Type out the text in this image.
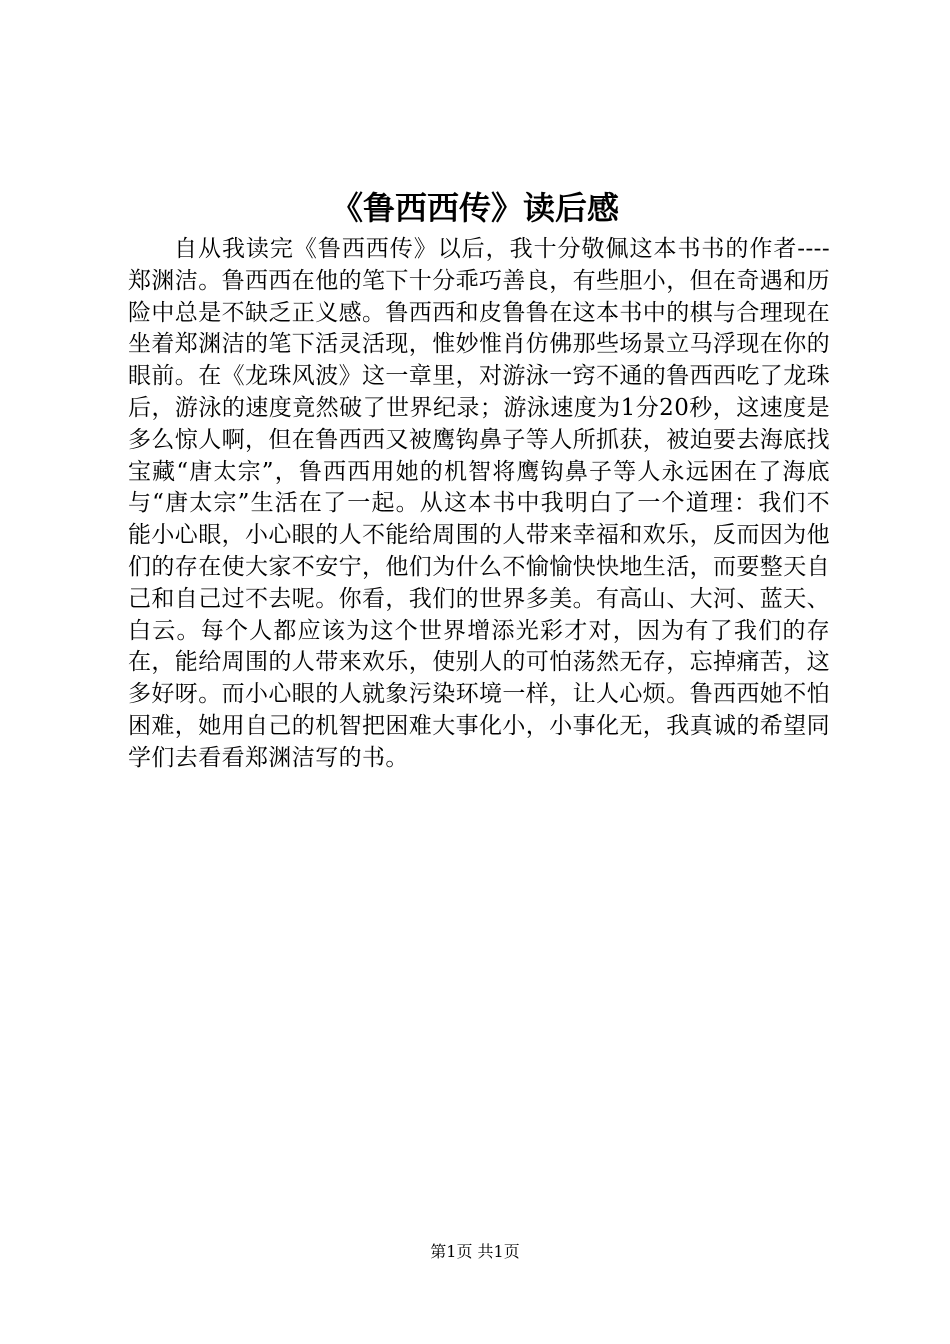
《鲁西西传》读后感

自从我读完《鲁西西传》以后，我十分敬佩这本书书的作者----郑渊洁。鲁西西在他的笔下十分乖巧善良，有些胆小，但在奇遇和历险中总是不缺乏正义感。鲁西西和皮鲁鲁在这本书中的棋与合理现在坐着郑渊洁的笔下活灵活现，惟妙惟肖仿佛那些场景立马浮现在你的眼前。在《龙珠风波》这一章里，对游泳一窍不通的鲁西西吃了龙珠后，游泳的速度竟然破了世界纪录；游泳速度为1分20秒，这速度是多么惊人啊，但在鲁西西又被鹰钩鼻子等人所抓获，被迫要去海底找宝藏“唐太宗”，鲁西西用她的机智将鹰钩鼻子等人永远困在了海底与“唐太宗”生活在了一起。从这本书中我明白了一个道理：我们不能小心眼，小心眼的人不能给周围的人带来幸福和欢乐，反而因为他们的存在使大家不安宁，他们为什么不愉愉快快地生活，而要整天自己和自己过不去呢。你看，我们的世界多美。有高山、大河、蓝天、白云。每个人都应该为这个世界增添光彩才对，因为有了我们的存在，能给周围的人带来欢乐，使别人的可怕荡然无存，忘掉痛苦，这多好呀。而小心眼的人就象污染环境一样，让人心烦。鲁西西她不怕困难，她用自己的机智把困难大事化小，小事化无，我真诚的希望同学们去看看郑渊洁写的书。

第1页 共1页
